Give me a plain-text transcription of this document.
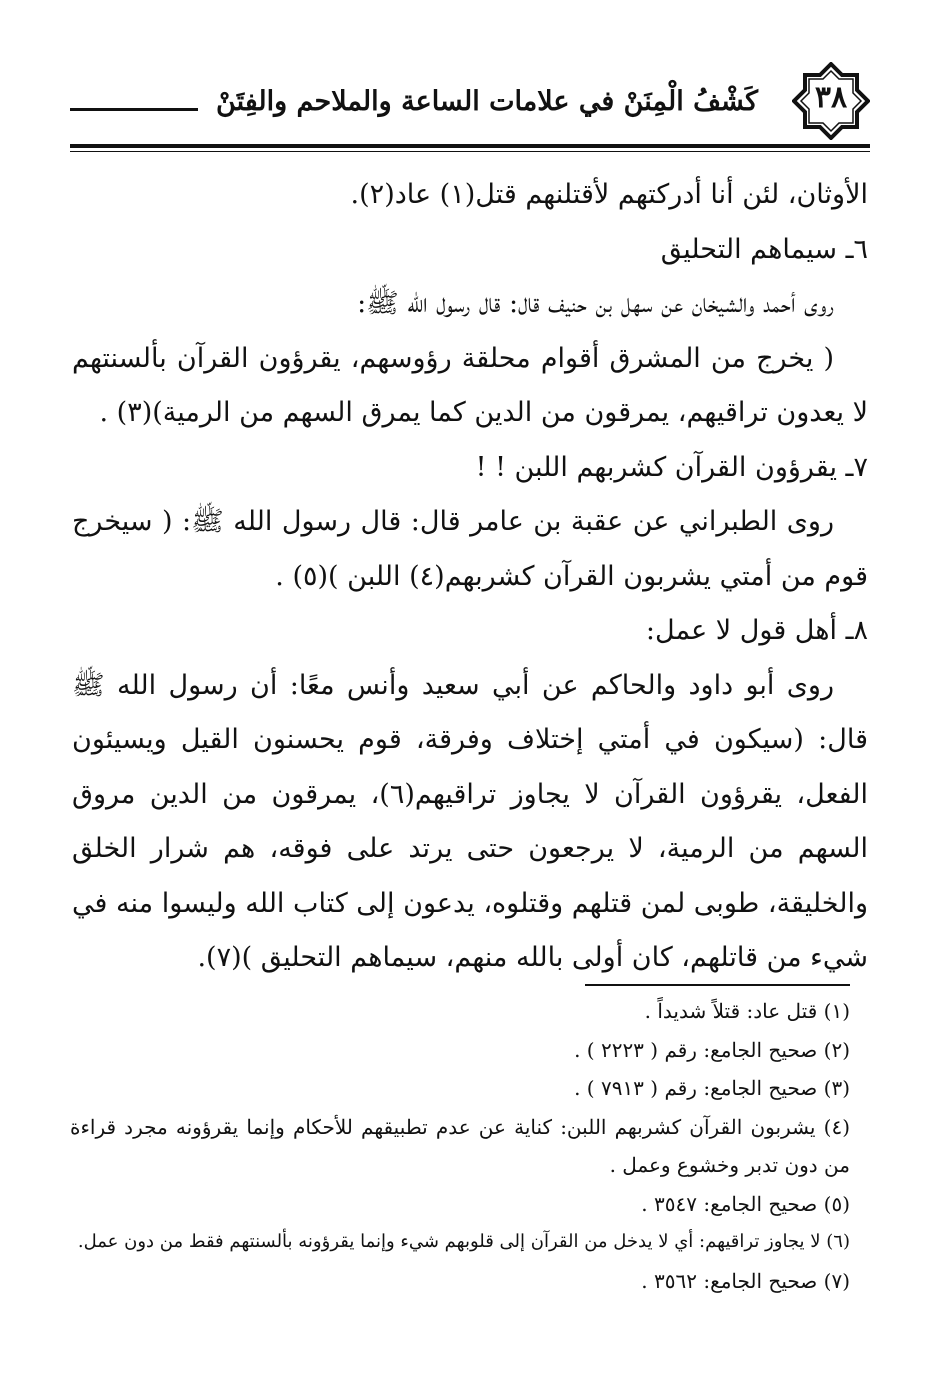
٣٨
كَشْفُ الْمِنَنْ في علامات الساعة والملاحم والفِتَنْ

الأوثان، لئن أنا أدركتهم لأقتلنهم قتل(١) عاد(٢).

٦ـ سيماهم التحليق

روى أحمد والشيخان عن سهل بن حنيف قال: قال رسول الله ﷺ:

( يخرج من المشرق أقوام محلقة رؤوسهم، يقرؤون القرآن بألسنتهم لا يعدون تراقيهم، يمرقون من الدين كما يمرق السهم من الرمية)(٣) .

٧ـ يقرؤون القرآن كشربهم اللبن ! !

روى الطبراني عن عقبة بن عامر قال: قال رسول الله ﷺ: ( سيخرج قوم من أمتي يشربون القرآن كشربهم(٤) اللبن )(٥) .

٨ـ أهل قول لا عمل:

روى أبو داود والحاكم عن أبي سعيد وأنس معًا: أن رسول الله ﷺ قال: (سيكون في أمتي إختلاف وفرقة، قوم يحسنون القيل ويسيئون الفعل، يقرؤون القرآن لا يجاوز تراقيهم(٦)، يمرقون من الدين مروق السهم من الرمية، لا يرجعون حتى يرتد على فوقه، هم شرار الخلق والخليقة، طوبى لمن قتلهم وقتلوه، يدعون إلى كتاب الله وليسوا منه في شيء من قاتلهم، كان أولى بالله منهم، سيماهم التحليق )(٧).

(١) قتل عاد: قتلاً شديداً .

(٢) صحيح الجامع: رقم ( ٢٢٢٣ ) .

(٣) صحيح الجامع: رقم ( ٧٩١٣ ) .

(٤) يشربون القرآن كشربهم اللبن: كناية عن عدم تطبيقهم للأحكام وإنما يقرؤونه مجرد قراءة من دون تدبر وخشوع وعمل .

(٥) صحيح الجامع: ٣٥٤٧ .

(٦) لا يجاوز تراقيهم: أي لا يدخل من القرآن إلى قلوبهم شيء وإنما يقرؤونه بألسنتهم فقط من دون عمل.

(٧) صحيح الجامع: ٣٥٦٢ .
